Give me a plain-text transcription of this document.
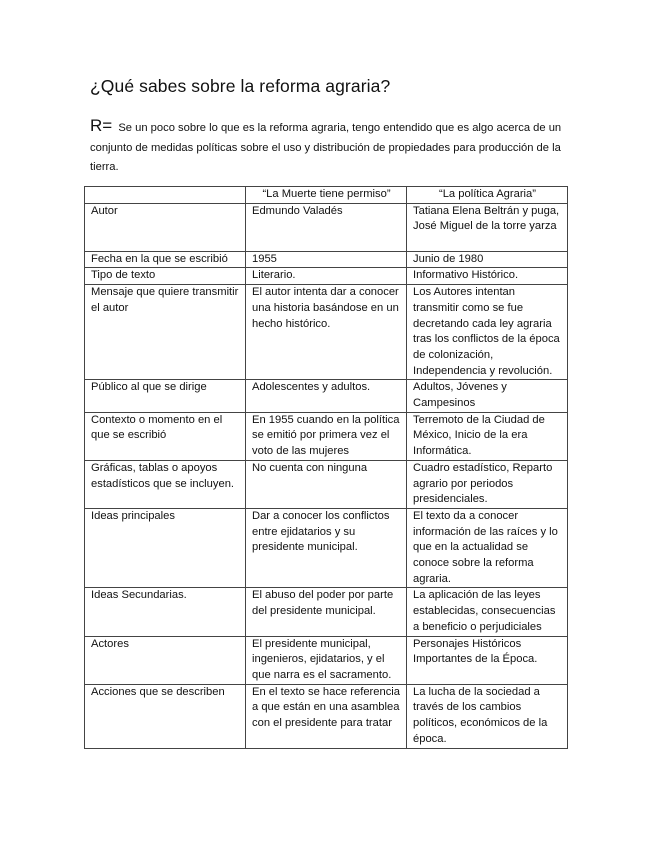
¿Qué sabes sobre la reforma agraria?

R= Se un poco sobre lo que es la reforma agraria, tengo entendido que es algo acerca de un conjunto de medidas políticas sobre el uso y distribución de propiedades para producción de la tierra.

	“La Muerte tiene permiso”	“La política Agraria”
Autor	Edmundo Valadés	Tatiana Elena Beltrán y puga, José Miguel de la torre yarza
Fecha en la que se escribió	1955	Junio de 1980
Tipo de texto	Literario.	Informativo Histórico.
Mensaje que quiere transmitir el autor	El autor intenta dar a conocer una historia basándose en un hecho histórico.	Los Autores intentan transmitir como se fue decretando cada ley agraria tras los conflictos de la época de colonización, Independencia y revolución.
Público al que se dirige	Adolescentes y adultos.	Adultos, Jóvenes y Campesinos
Contexto o momento en el que se escribió	En 1955 cuando en la política se emitió por primera vez el voto de las mujeres	Terremoto de la Ciudad de México, Inicio de la era Informática.
Gráficas, tablas o apoyos estadísticos que se incluyen.	No cuenta con ninguna	Cuadro estadístico, Reparto agrario por periodos presidenciales.
Ideas principales	Dar a conocer los conflictos entre ejidatarios y su presidente municipal.	El texto da a conocer información de las raíces y lo que en la actualidad se conoce sobre la reforma agraria.
Ideas Secundarias.	El abuso del poder por parte del presidente municipal.	La aplicación de las leyes establecidas, consecuencias a beneficio o perjudiciales
Actores	El presidente municipal, ingenieros, ejidatarios, y el que narra es el sacramento.	Personajes Históricos Importantes de la Época.
Acciones que se describen	En el texto se hace referencia a que están en una asamblea con el presidente para tratar	La lucha de la sociedad a través de los cambios políticos, económicos de la época.
